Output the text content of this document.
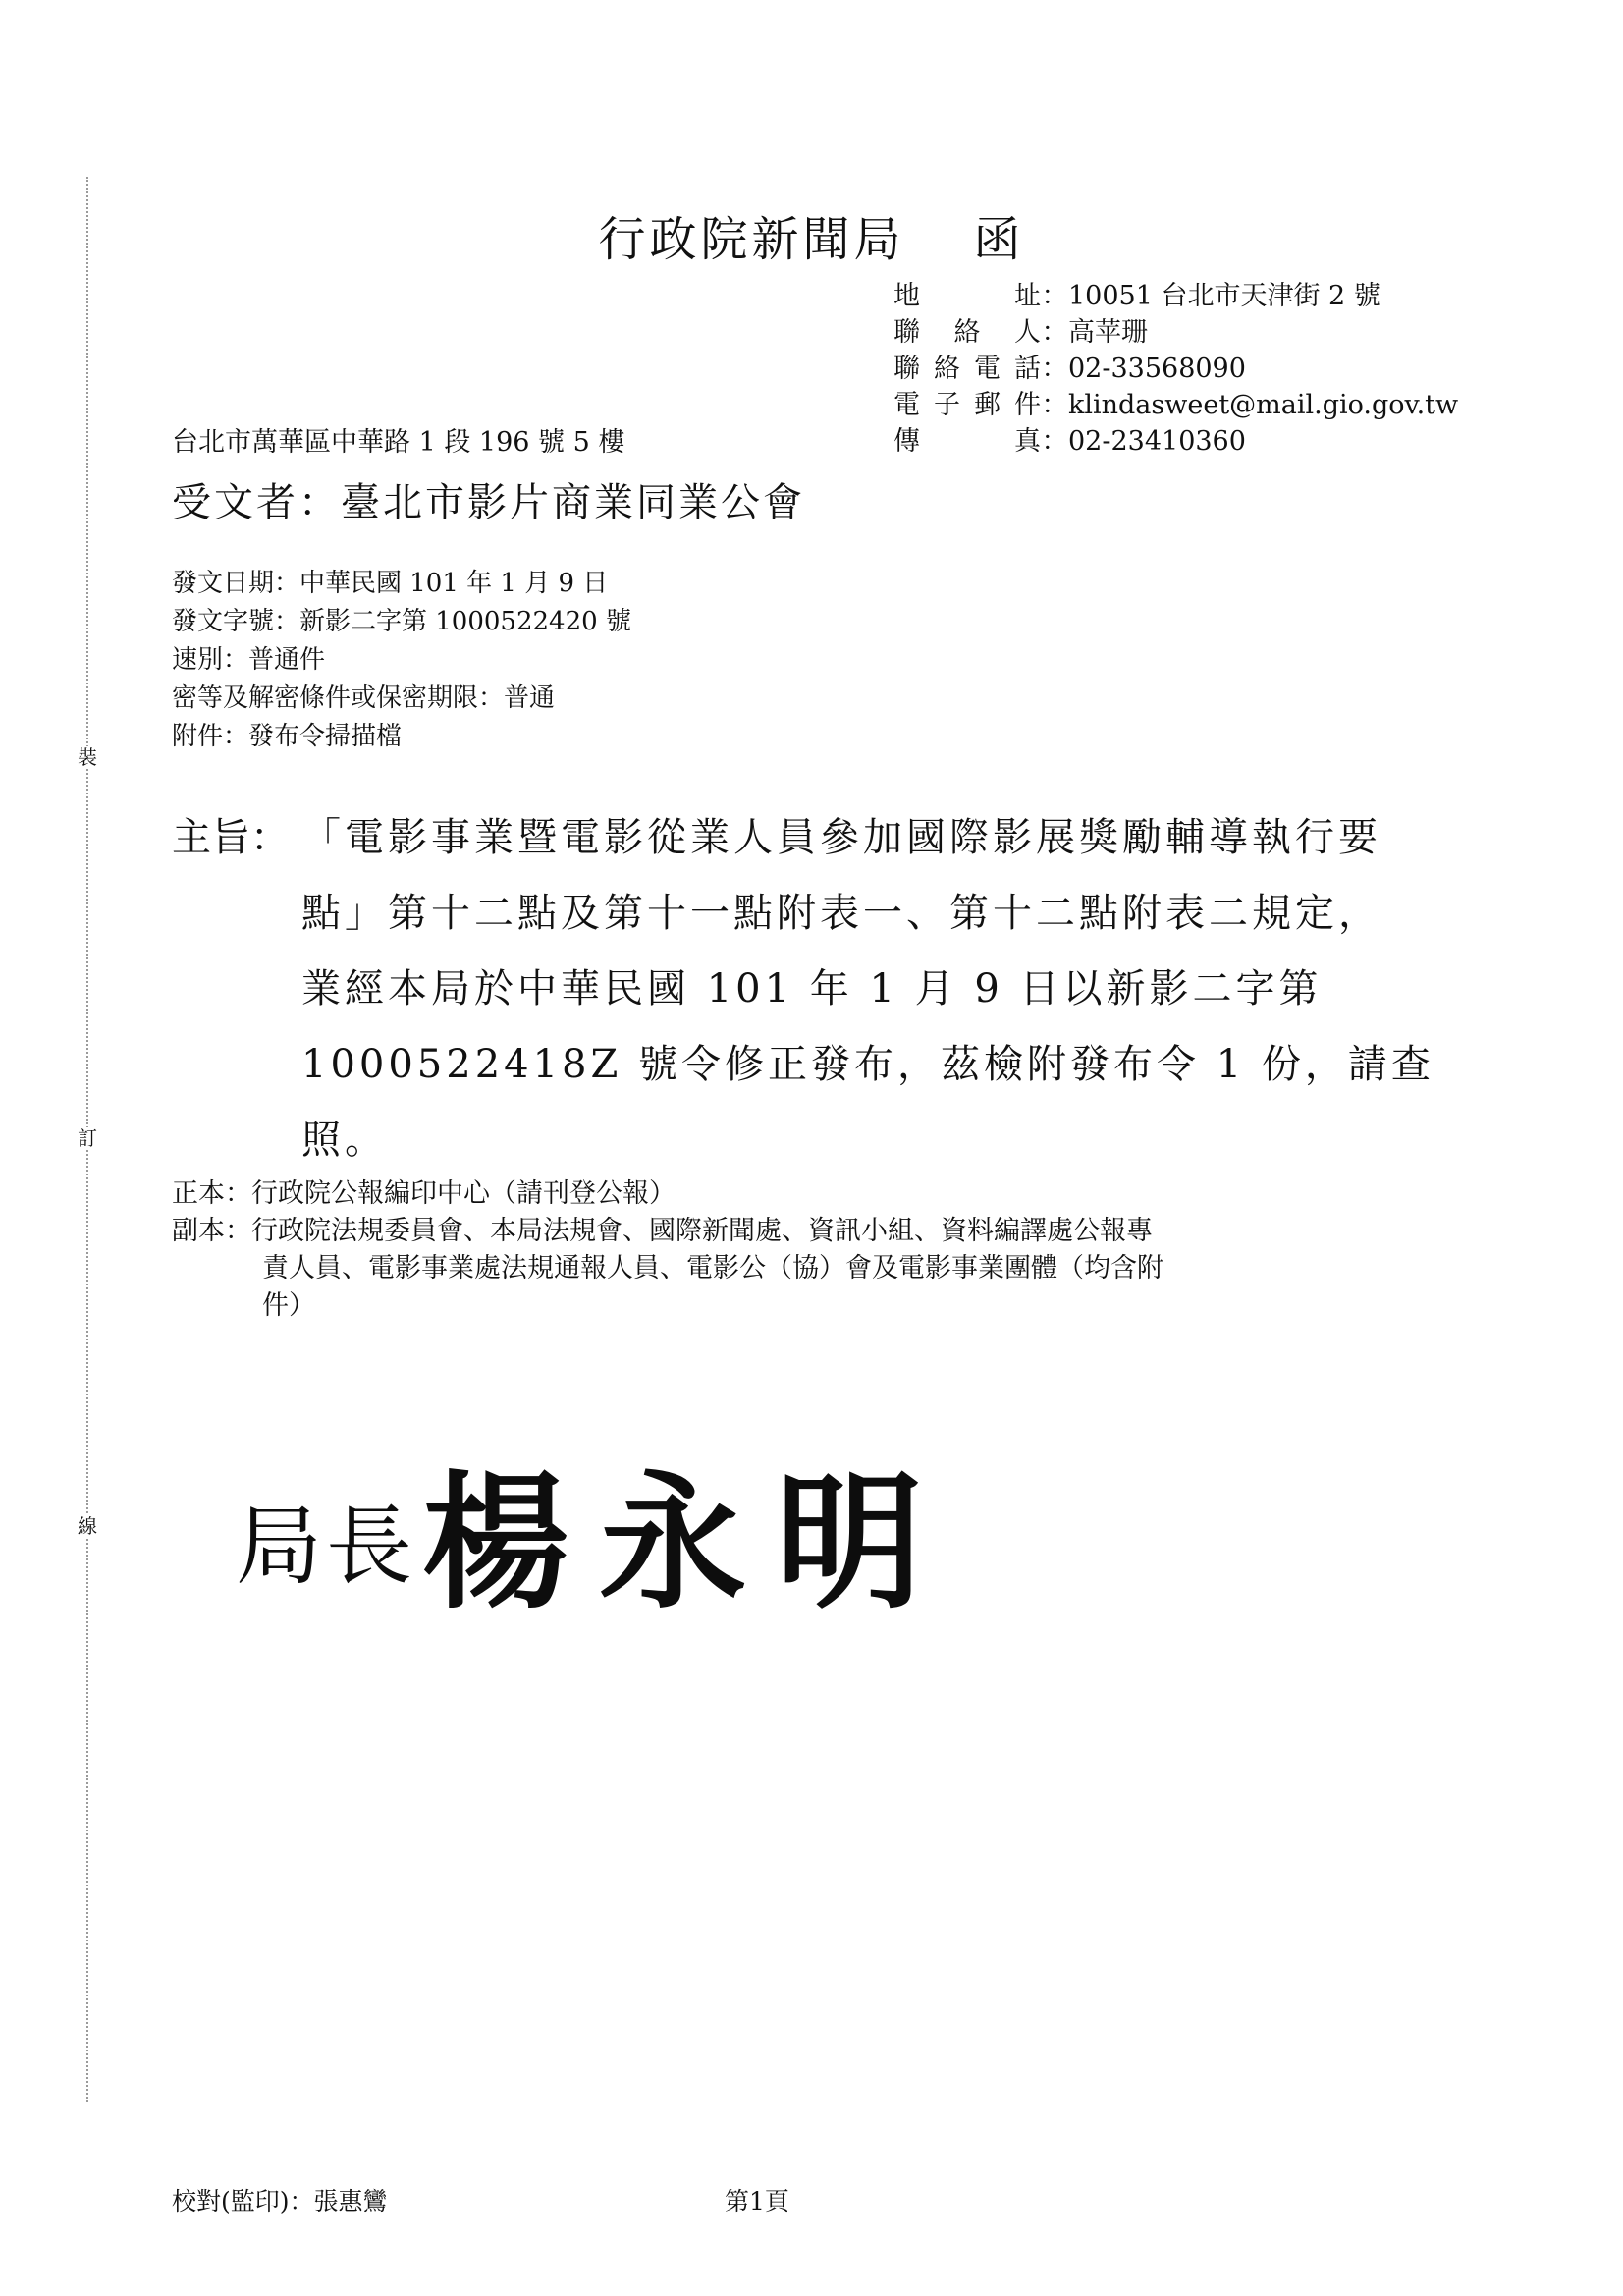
裝
訂
線
行政院新聞局 函
地址：10051 台北市天津街 2 號
聯 絡 人：高苹珊
聯絡電話：02-33568090
電子郵件：klindasweet@mail.gio.gov.tw
傳 真：02-23410360
台北市萬華區中華路 1 段 196 號 5 樓
受文者：臺北市影片商業同業公會
發文日期：中華民國 101 年 1 月 9 日
發文字號：新影二字第 1000522420 號
速別：普通件
密等及解密條件或保密期限：普通
附件：發布令掃描檔
主旨： 「電影事業暨電影從業人員參加國際影展獎勵輔導執行要
點」第十二點及第十一點附表一、第十二點附表二規定，
業經本局於中華民國 101 年 1 月 9 日以新影二字第
1000522418Z 號令修正發布，茲檢附發布令 1 份，請查
照。
正本：行政院公報編印中心（請刊登公報）
副本：行政院法規委員會、本局法規會、國際新聞處、資訊小組、資料編譯處公報專
責人員、電影事業處法規通報人員、電影公（協）會及電影事業團體（均含附
件）
局長楊永明
校對(監印)：張惠鸞	第1頁
